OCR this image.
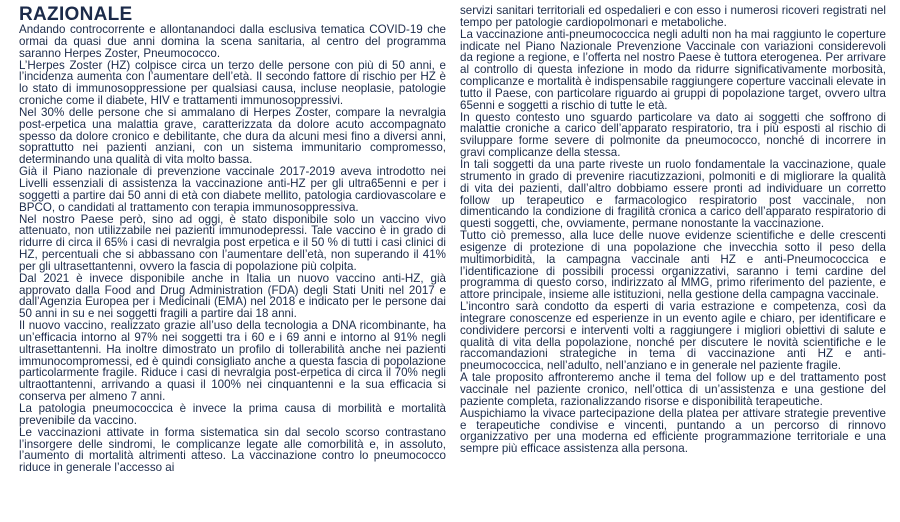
RAZIONALE

Andando controcorrente e allontanandoci dalla esclusiva tematica COVID-19 che ormai da quasi due anni domina la scena sanitaria, al centro del programma saranno Herpes Zoster, Pneumococco.

L’Herpes Zoster (HZ) colpisce circa un terzo delle persone con più di 50 anni, e l’incidenza aumenta con l’aumentare dell’età. Il secondo fattore di rischio per HZ è lo stato di immunosoppressione per qualsiasi causa, incluse neoplasie, patologie croniche come il diabete, HIV e trattamenti immunosoppressivi.

Nel 30% delle persone che si ammalano di Herpes Zoster, compare la nevralgia post-erpetica una malattia grave, caratterizzata da dolore acuto accompagnato spesso da dolore cronico e debilitante, che dura da alcuni mesi fino a diversi anni, soprattutto nei pazienti anziani, con un sistema immunitario compromesso, determinando una qualità di vita molto bassa.

Già il Piano nazionale di prevenzione vaccinale 2017-2019 aveva introdotto nei Livelli essenziali di assistenza la vaccinazione anti-HZ per gli ultra65enni e per i soggetti a partire dai 50 anni di età con diabete mellito, patologia cardiovascolare e BPCO, o candidati al trattamento con terapia immunosoppressiva.

Nel nostro Paese però, sino ad oggi, è stato disponibile solo un vaccino vivo attenuato, non utilizzabile nei pazienti immunodepressi. Tale vaccino è in grado di ridurre di circa il 65% i casi di nevralgia post erpetica e il 50 % di tutti i casi clinici di HZ, percentuali che si abbassano con l’aumentare dell’età, non superando il 41% per gli ultrasettantenni, ovvero la fascia di popolazione più colpita.

Dal 2021 è invece disponibile anche in Italia un nuovo vaccino anti-HZ, già approvato dalla Food and Drug Administration (FDA) degli Stati Uniti nel 2017 e dall’Agenzia Europea per i Medicinali (EMA) nel 2018 e indicato per le persone dai 50 anni in su e nei soggetti fragili a partire dai 18 anni.

Il nuovo vaccino, realizzato grazie all’uso della tecnologia a DNA ricombinante, ha un’efficacia intorno al 97% nei soggetti tra i 60 e i 69 anni e intorno al 91% negli ultrasettantenni. Ha inoltre dimostrato un profilo di tollerabilità anche nei pazienti immunocompromessi, ed è quindi consigliato anche a questa fascia di popolazione particolarmente fragile. Riduce i casi di nevralgia post-erpetica di circa il 70% negli ultraottantenni, arrivando a quasi il 100% nei cinquantenni e la sua efficacia si conserva per almeno 7 anni.

La patologia pneumococcica è invece la prima causa di morbilità e mortalità prevenibile da vaccino.

Le vaccinazioni attivate in forma sistematica sin dal secolo scorso contrastano l’insorgere delle sindromi, le complicanze legate alle comorbilità e, in assoluto, l’aumento di mortalità altrimenti atteso. La vaccinazione contro lo pneumococco riduce in generale l’accesso ai

servizi sanitari territoriali ed ospedalieri e con esso i numerosi ricoveri registrati nel tempo per patologie cardiopolmonari e metaboliche.

La vaccinazione anti-pneumococcica negli adulti non ha mai raggiunto le coperture indicate nel Piano Nazionale Prevenzione Vaccinale con variazioni considerevoli da regione a regione, e l’offerta nel nostro Paese è tuttora eterogenea. Per arrivare al controllo di questa infezione in modo da ridurre significativamente morbosità, complicanze e mortalità è indispensabile raggiungere coperture vaccinali elevate in tutto il Paese, con particolare riguardo ai gruppi di popolazione target, ovvero ultra 65enni e soggetti a rischio di tutte le età.

In questo contesto uno sguardo particolare va dato ai soggetti che soffrono di malattie croniche a carico dell’apparato respiratorio, tra i più esposti al rischio di sviluppare forme severe di polmonite da pneumococco, nonché di incorrere in gravi complicanze della stessa.

In tali soggetti da una parte riveste un ruolo fondamentale la vaccinazione, quale strumento in grado di prevenire riacutizzazioni, polmoniti e di migliorare la qualità di vita dei pazienti, dall’altro dobbiamo essere pronti ad individuare un corretto follow up terapeutico e farmacologico respiratorio post vaccinale, non dimenticando la condizione di fragilità cronica a carico dell’apparato respiratorio di questi soggetti, che, ovviamente, permane nonostante la vaccinazione.

Tutto ciò premesso, alla luce delle nuove evidenze scientifiche e delle crescenti esigenze di protezione di una popolazione che invecchia sotto il peso della multimorbidità, la campagna vaccinale anti HZ e anti-Pneumococcica e l’identificazione di possibili processi organizzativi, saranno i temi cardine del programma di questo corso, indirizzato al MMG, primo riferimento del paziente, e attore principale, insieme alle istituzioni, nella gestione della campagna vaccinale.

L’incontro sarà condotto da esperti di varia estrazione e competenza, così da integrare conoscenze ed esperienze in un evento agile e chiaro, per identificare e condividere percorsi e interventi volti a raggiungere i migliori obiettivi di salute e qualità di vita della popolazione, nonché per discutere le novità scientifiche e le raccomandazioni strategiche in tema di vaccinazione anti HZ e anti-pneumococcica, nell’adulto, nell’anziano e in generale nel paziente fragile.

A tale proposito affronteremo anche il tema del follow up e del trattamento post vaccinale nel paziente cronico, nell’ottica di un’assistenza e una gestione del paziente completa, razionalizzando risorse e disponibilità terapeutiche.

Auspichiamo la vivace partecipazione della platea per attivare strategie preventive e terapeutiche condivise e vincenti, puntando a un percorso di rinnovo organizzativo per una moderna ed efficiente programmazione territoriale e una sempre più efficace assistenza alla persona.
